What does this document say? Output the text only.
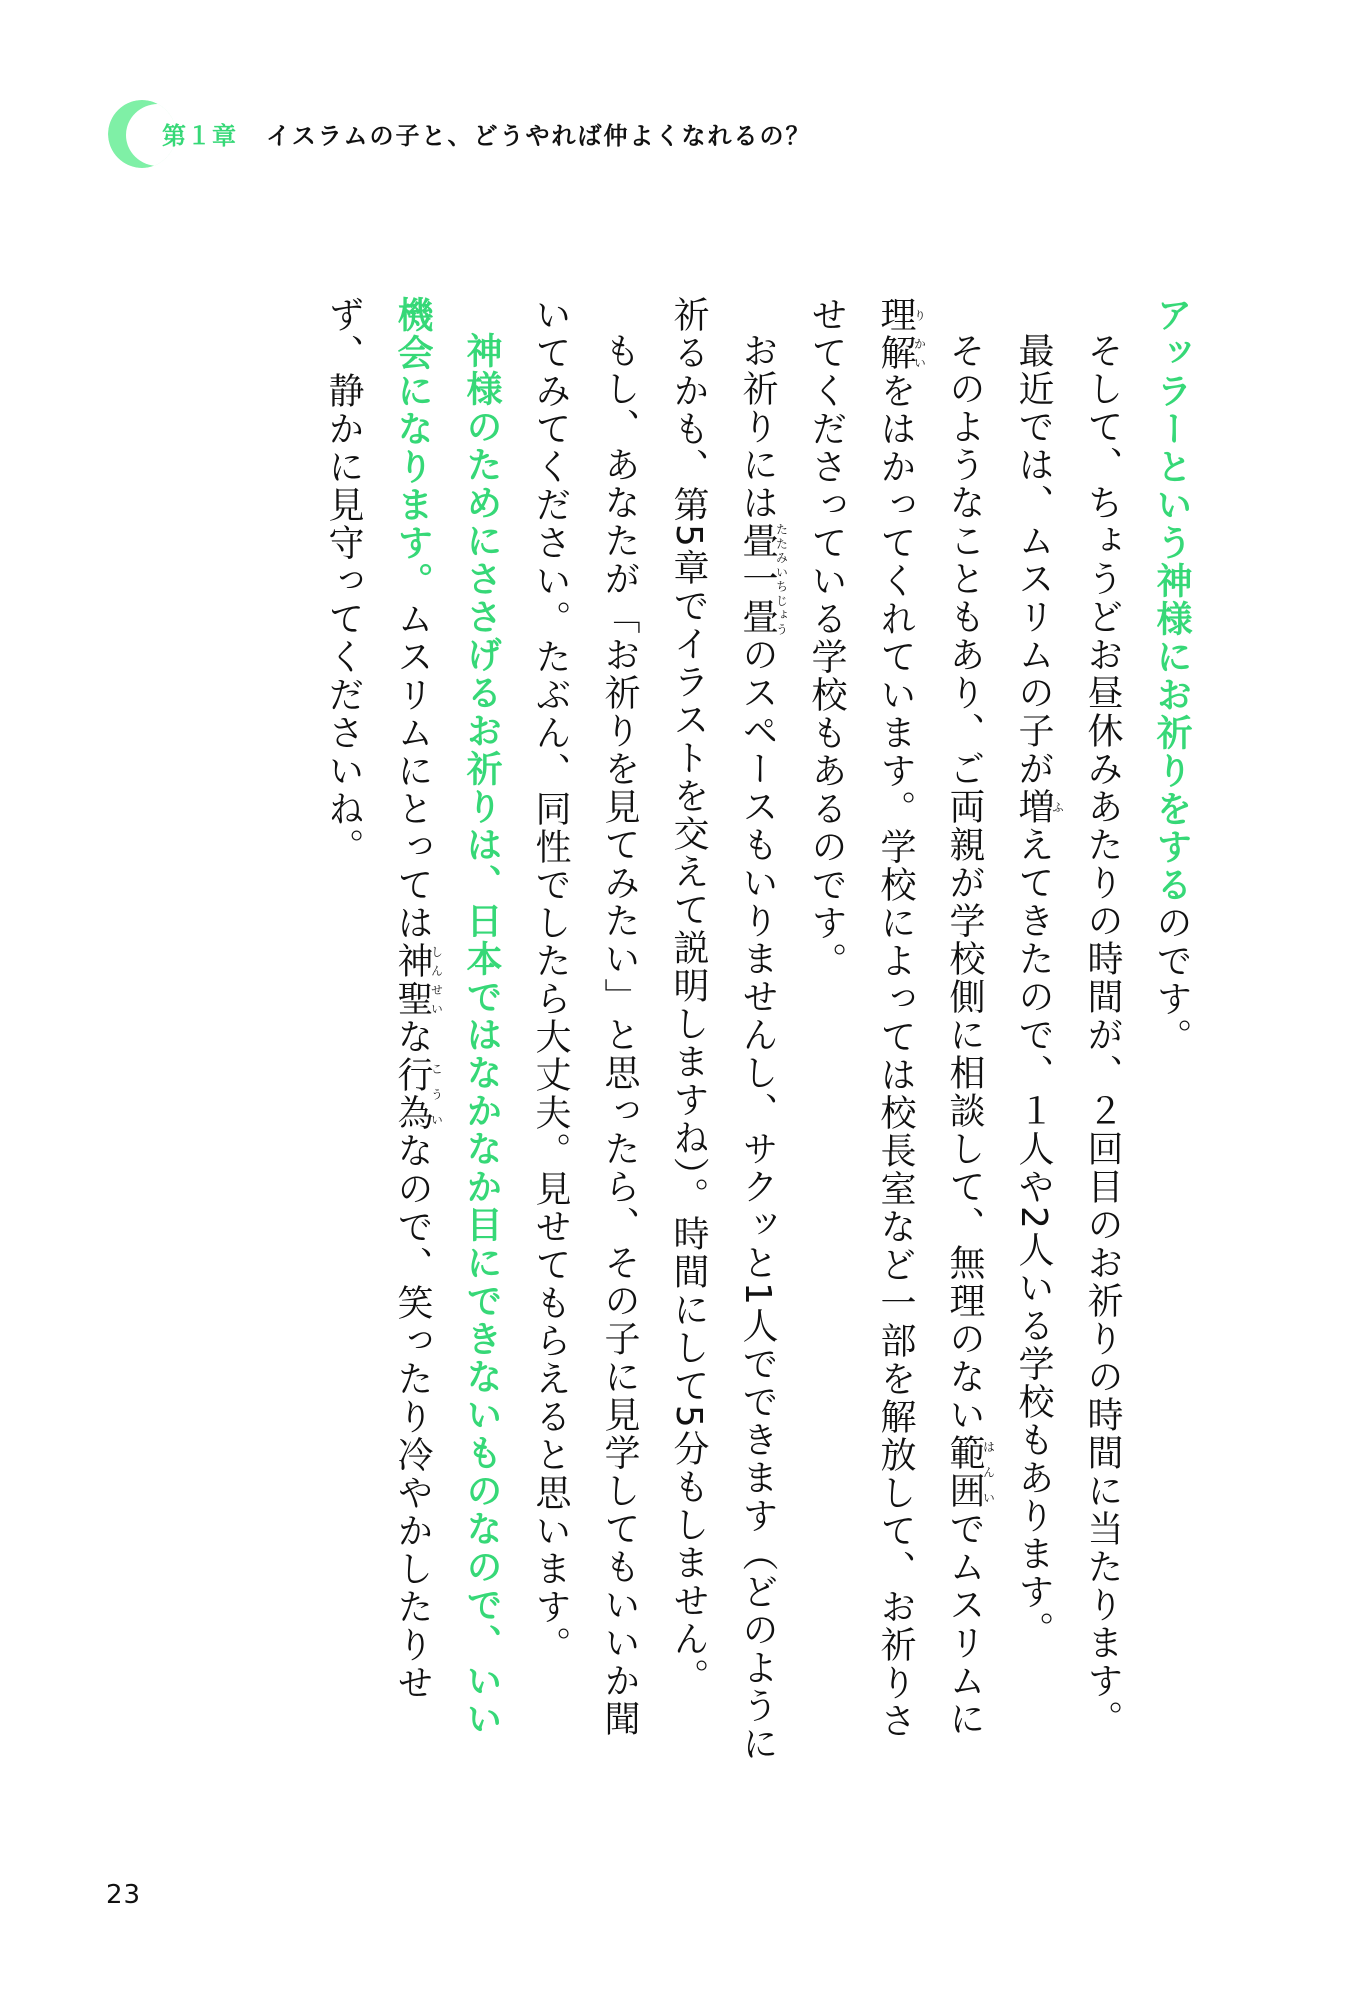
第１章 イスラムの子と、どうやれば仲よくなれるの？

アッラーという神様にお祈りをするのです。

そして、ちょうどお昼休みあたりの時間が、２回目のお祈りの時間に当たります。

最近では、ムスリムの子が増ふえてきたので、１人や2人いる学校もあります。

そのようなこともあり、ご両親が学校側に相談して、無理のない範囲はんいでムスリムに理り解かいをはかってくれています。学校によっては校長室など一部を解放して、お祈りさせてくださっている学校もあるのです。

お祈りには畳一畳たたみいちじょうのスペースもいりませんし、サクッと1人でできます（どのように祈るかも、第5章でイラストを交えて説明しますね）。時間にして5分もしません。

もし、あなたが「お祈りを見てみたい」と思ったら、その子に見学してもいいか聞いてみてください。たぶん、同性でしたら大丈夫。見せてもらえると思います。

神様のためにささげるお祈りは、日本ではなかなか目にできないものなので、いい機会になります。ムスリムにとっては神聖しんせいな行為こういなので、笑ったり冷やかしたりせず、静かに見守ってくださいね。

23
